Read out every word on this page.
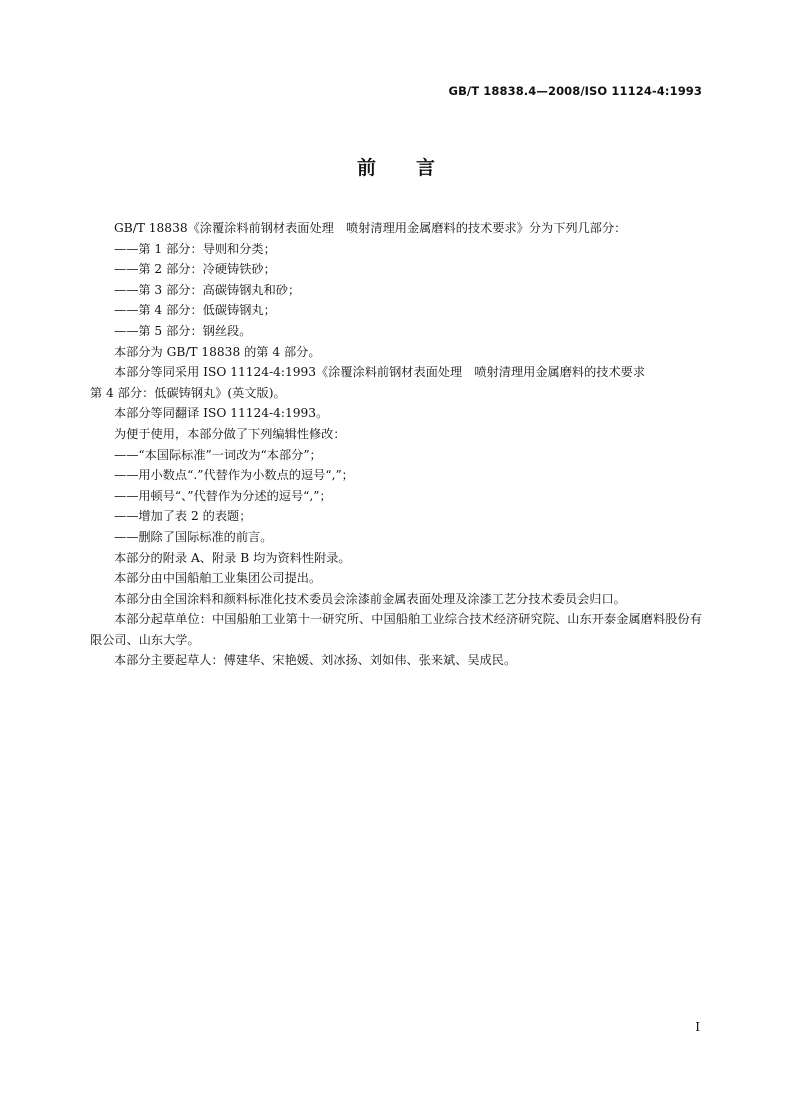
GB/T 18838.4—2008/ISO 11124-4:1993
前言

GB/T 18838《涂覆涂料前钢材表面处理　喷射清理用金属磨料的技术要求》分为下列几部分：

——第 1 部分：导则和分类；

——第 2 部分：冷硬铸铁砂；

——第 3 部分：高碳铸钢丸和砂；

——第 4 部分：低碳铸钢丸；

——第 5 部分：钢丝段。

本部分为 GB/T 18838 的第 4 部分。

本部分等同采用 ISO 11124-4:1993《涂覆涂料前钢材表面处理　喷射清理用金属磨料的技术要求

第 4 部分：低碳铸钢丸》(英文版)。

本部分等同翻译 ISO 11124-4:1993。

为便于使用，本部分做了下列编辑性修改：

——“本国际标准”一词改为“本部分”；

——用小数点“.”代替作为小数点的逗号“,”；

——用顿号“、”代替作为分述的逗号“,”；

——增加了表 2 的表题；

——删除了国际标准的前言。

本部分的附录 A、附录 B 均为资料性附录。

本部分由中国船舶工业集团公司提出。

本部分由全国涂料和颜料标准化技术委员会涂漆前金属表面处理及涂漆工艺分技术委员会归口。

本部分起草单位：中国船舶工业第十一研究所、中国船舶工业综合技术经济研究院、山东开泰金属磨料股份有限公司、山东大学。

本部分主要起草人：傅建华、宋艳媛、刘冰扬、刘如伟、张来斌、吴成民。

I
